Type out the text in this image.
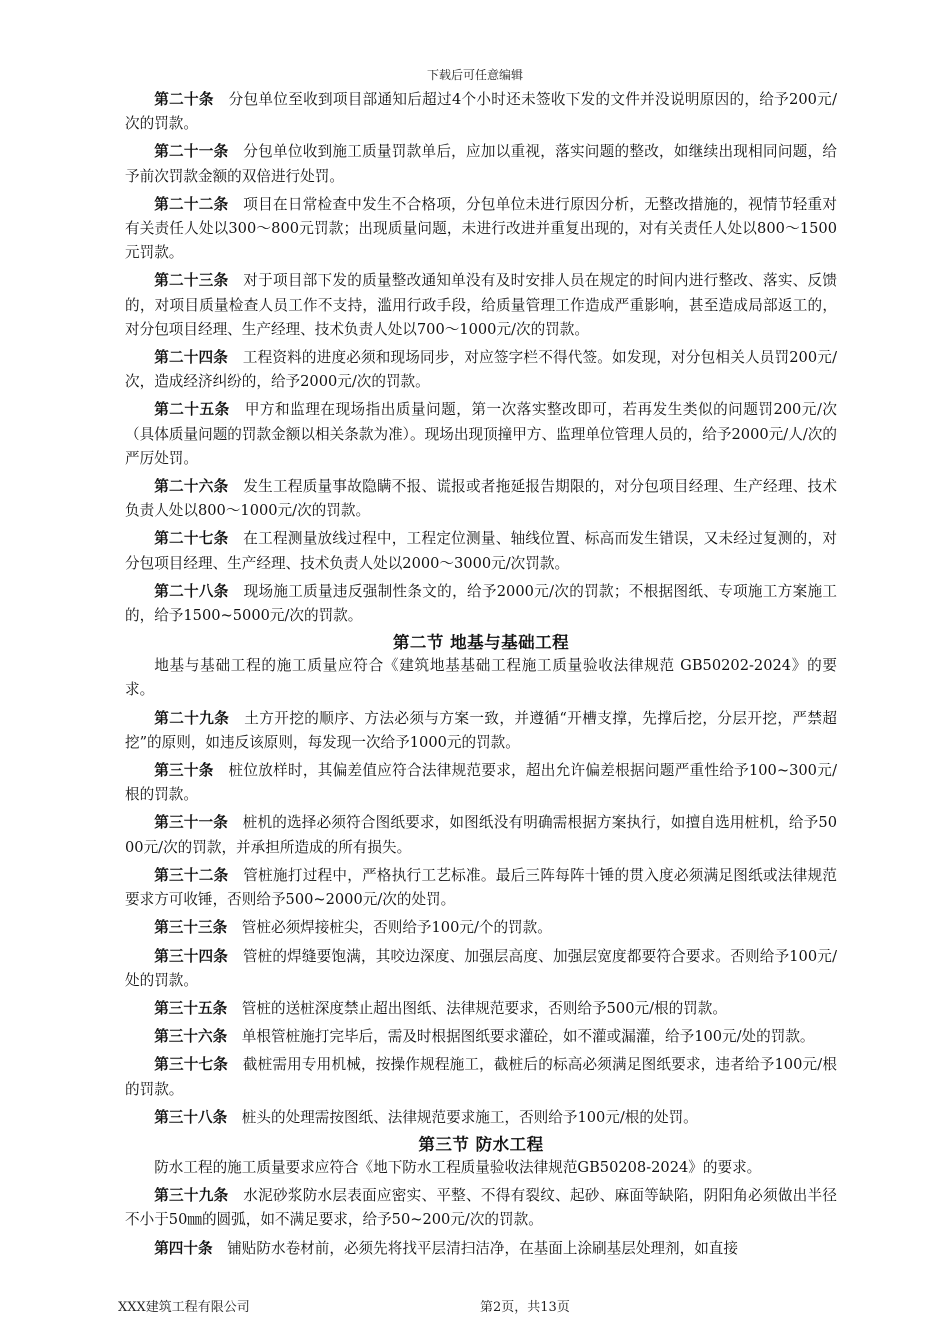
下载后可任意编辑

第二十条　 分包单位至收到项目部通知后超过4个小时还未签收下发的文件并没说明原因的，给予200元/次的罚款。

第二十一条　 分包单位收到施工质量罚款单后，应加以重视，落实问题的整改，如继续出现相同问题，给予前次罚款金额的双倍进行处罚。

第二十二条　 项目在日常检查中发生不合格项，分包单位未进行原因分析，无整改措施的，视情节轻重对有关责任人处以300～800元罚款；出现质量问题，未进行改进并重复出现的，对有关责任人处以800～1500元罚款。

第二十三条　 对于项目部下发的质量整改通知单没有及时安排人员在规定的时间内进行整改、落实、反馈的，对项目质量检查人员工作不支持，滥用行政手段，给质量管理工作造成严重影响，甚至造成局部返工的，对分包项目经理、生产经理、技术负责人处以700～1000元/次的罚款。

第二十四条　 工程资料的进度必须和现场同步，对应签字栏不得代签。如发现，对分包相关人员罚200元/次，造成经济纠纷的，给予2000元/次的罚款。

第二十五条　 甲方和监理在现场指出质量问题，第一次落实整改即可，若再发生类似的问题罚200元/次（具体质量问题的罚款金额以相关条款为准）。现场出现顶撞甲方、监理单位管理人员的，给予2000元/人/次的严厉处罚。

第二十六条　 发生工程质量事故隐瞒不报、谎报或者拖延报告期限的，对分包项目经理、生产经理、技术负责人处以800～1000元/次的罚款。

第二十七条　 在工程测量放线过程中，工程定位测量、轴线位置、标高而发生错误，又未经过复测的，对分包项目经理、生产经理、技术负责人处以2000～3000元/次罚款。

第二十八条　 现场施工质量违反强制性条文的，给予2000元/次的罚款；不根据图纸、专项施工方案施工的，给予1500~5000元/次的罚款。

第二节 地基与基础工程

地基与基础工程的施工质量应符合《建筑地基基础工程施工质量验收法律规范 GB50202-2024》的要求。

第二十九条　 土方开挖的顺序、方法必须与方案一致，并遵循“开槽支撑，先撑后挖，分层开挖，严禁超挖”的原则，如违反该原则，每发现一次给予1000元的罚款。

第三十条　 桩位放样时，其偏差值应符合法律规范要求，超出允许偏差根据问题严重性给予100~300元/根的罚款。

第三十一条　 桩机的选择必须符合图纸要求，如图纸没有明确需根据方案执行，如擅自选用桩机，给予5000元/次的罚款，并承担所造成的所有损失。

第三十二条　 管桩施打过程中，严格执行工艺标准。最后三阵每阵十锤的贯入度必须满足图纸或法律规范要求方可收锤，否则给予500~2000元/次的处罚。

第三十三条　 管桩必须焊接桩尖，否则给予100元/个的罚款。

第三十四条　 管桩的焊缝要饱满，其咬边深度、加强层高度、加强层宽度都要符合要求。否则给予100元/处的罚款。

第三十五条　 管桩的送桩深度禁止超出图纸、法律规范要求，否则给予500元/根的罚款。

第三十六条　 单根管桩施打完毕后，需及时根据图纸要求灌砼，如不灌或漏灌，给予100元/处的罚款。

第三十七条　 截桩需用专用机械，按操作规程施工，截桩后的标高必须满足图纸要求，违者给予100元/根的罚款。

第三十八条　 桩头的处理需按图纸、法律规范要求施工，否则给予100元/根的处罚。

第三节 防水工程

防水工程的施工质量要求应符合《地下防水工程质量验收法律规范GB50208-2024》的要求。

第三十九条　 水泥砂浆防水层表面应密实、平整、不得有裂纹、起砂、麻面等缺陷，阴阳角必须做出半径不小于50㎜的圆弧，如不满足要求，给予50~200元/次的罚款。

第四十条　 铺贴防水卷材前，必须先将找平层清扫洁净，在基面上涂刷基层处理剂，如直接

XXX建筑工程有限公司	第2页，共13页
